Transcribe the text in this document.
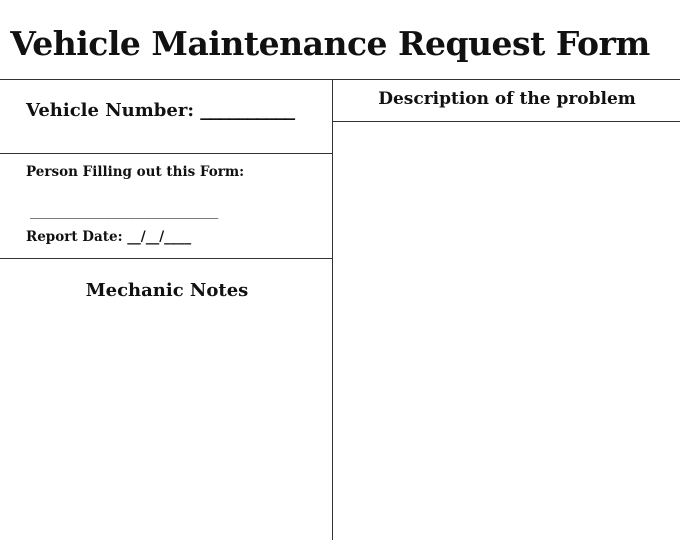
Vehicle Maintenance Request Form
Vehicle Number: __________
Person Filling out this Form:
________________________
Report Date: __/__/____
Mechanic Notes
Description of the problem
